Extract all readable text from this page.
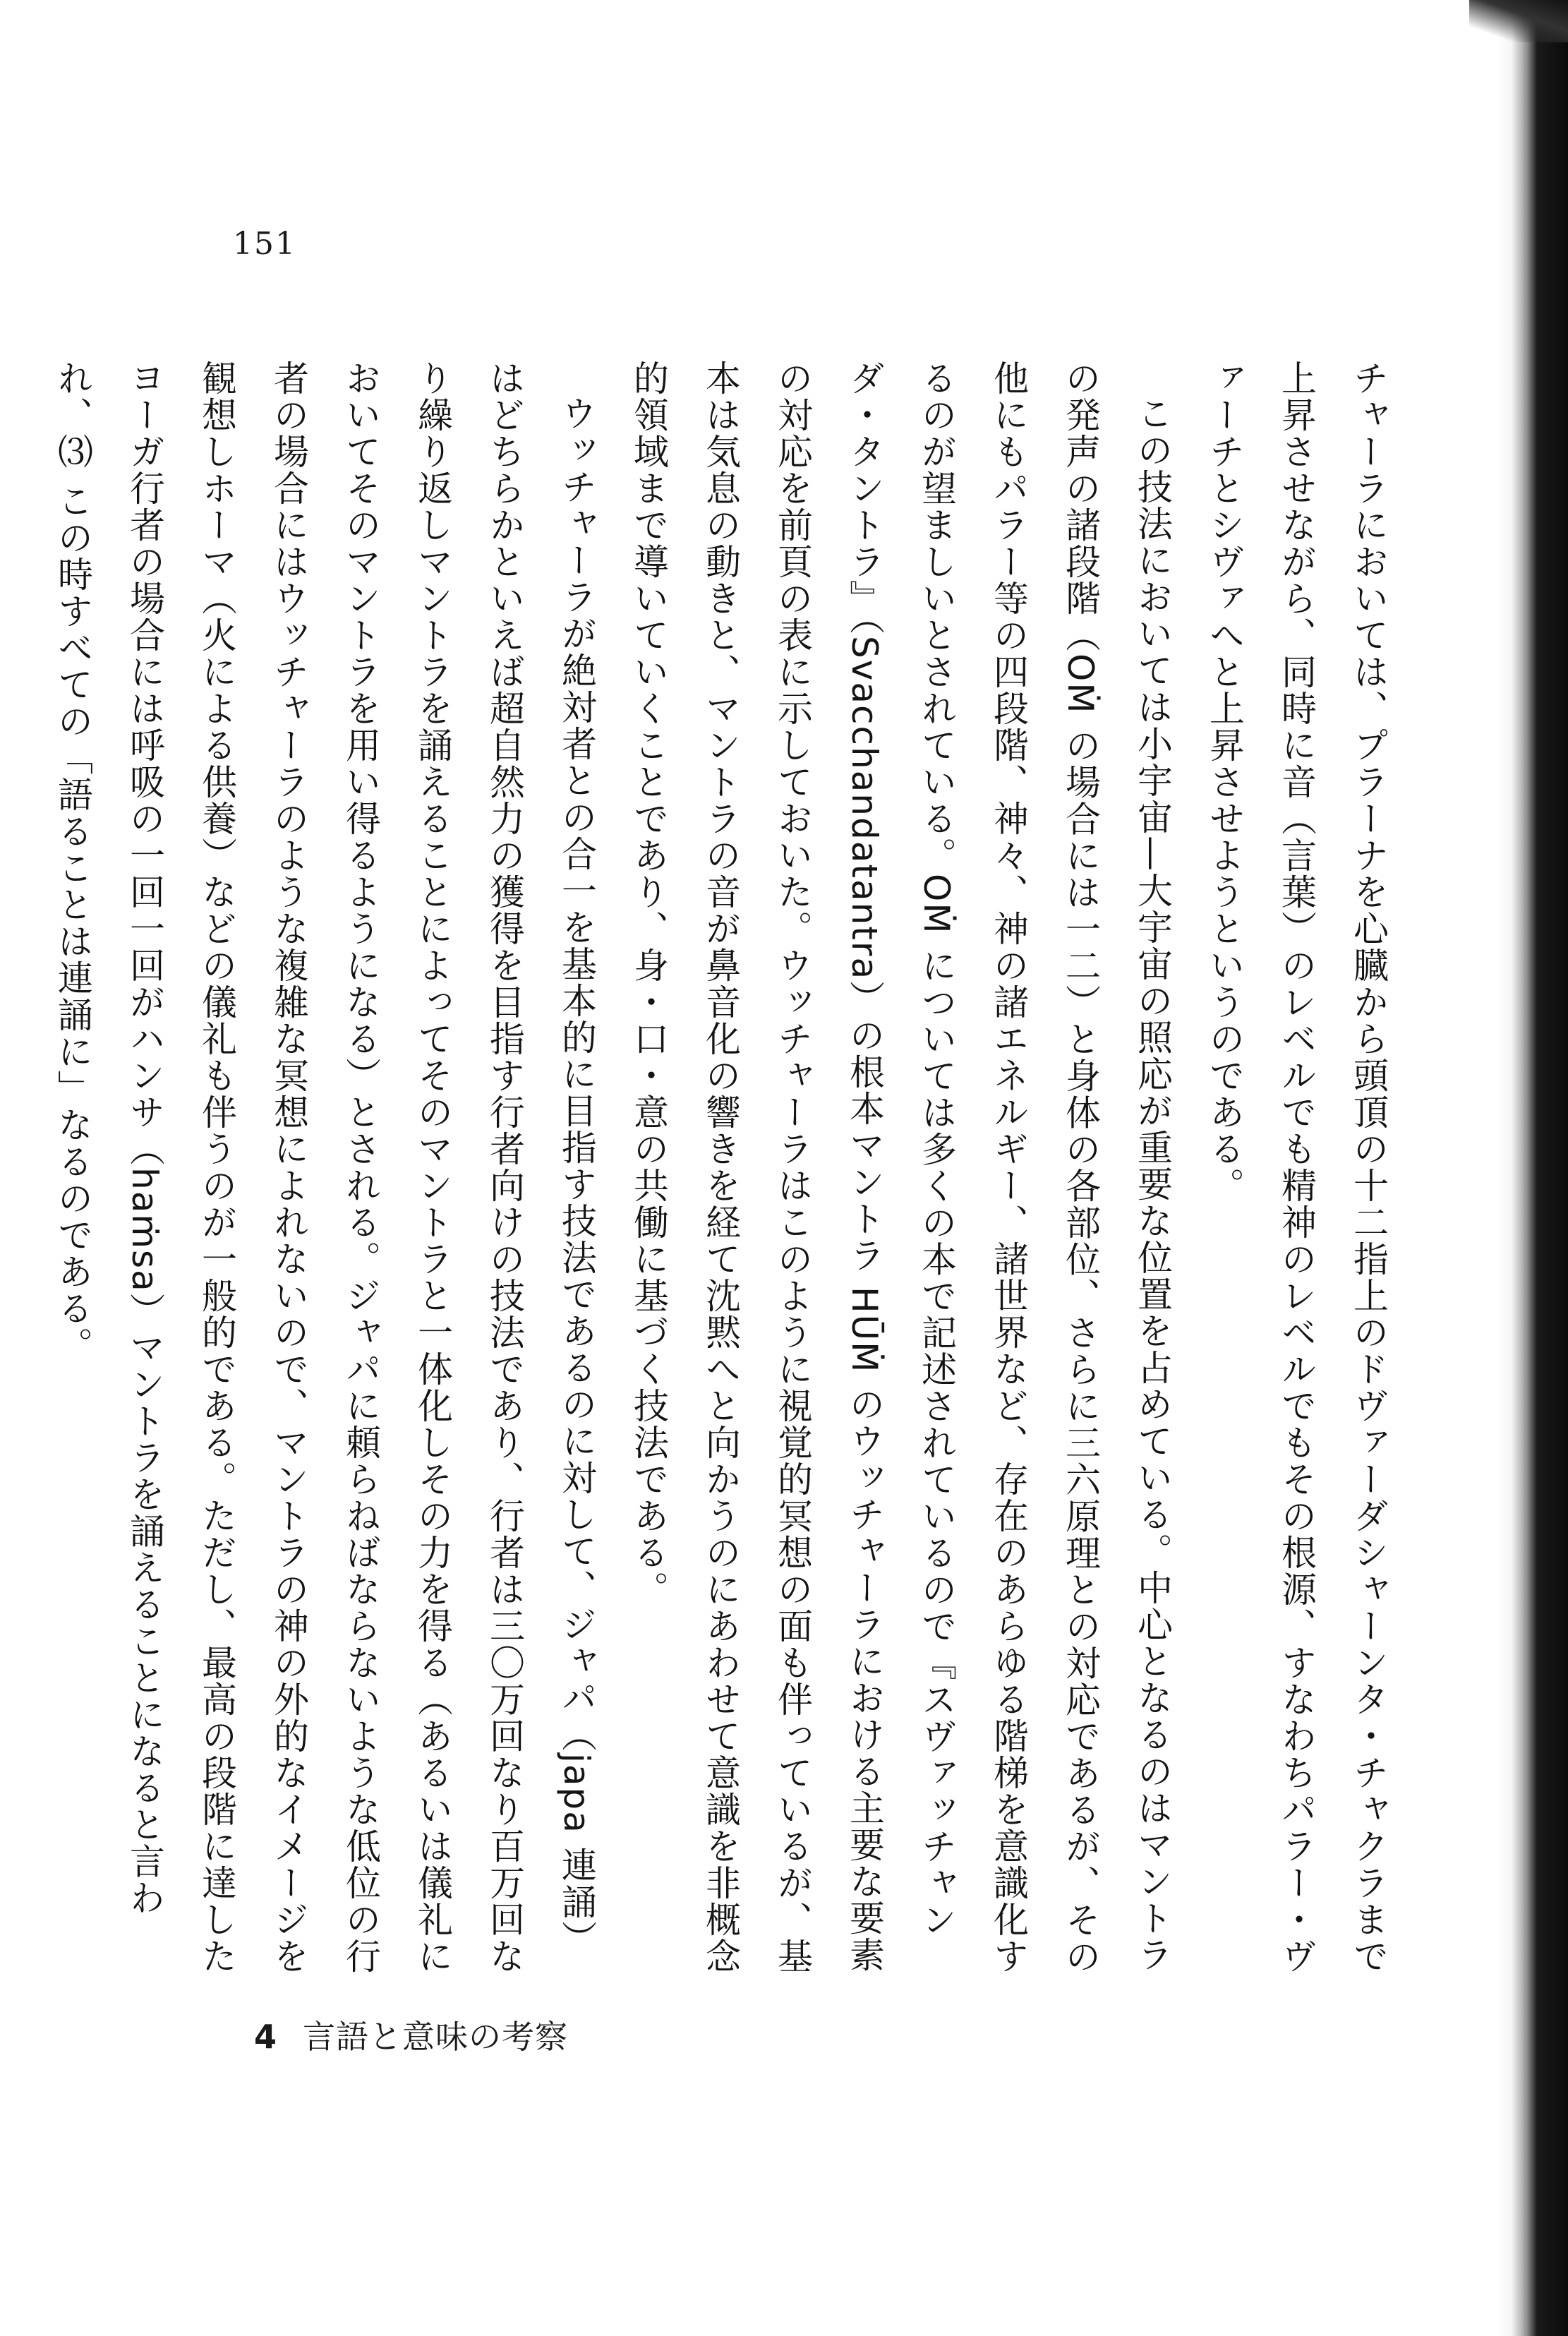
151

チャーラにおいては、プラーナを心臓から頭頂の十二指上のドヴァーダシャーンタ・チャクラまで上昇させながら、同時に音（言葉）のレベルでも精神のレベルでもその根源、すなわちパラー・ヴァーチとシヴァへと上昇させようというのである。

この技法においては小宇宙—大宇宙の照応が重要な位置を占めている。中心となるのはマントラの発声の諸段階（OṀ の場合には一二）と身体の各部位、さらに三六原理との対応であるが、その他にもパラー等の四段階、神々、神の諸エネルギー、諸世界など、存在のあらゆる階梯を意識化するのが望ましいとされている。OṀ については多くの本で記述されているので『スヴァッチャンダ・タントラ』（Svacchandatantra）の根本マントラ HŪṀ のウッチャーラにおける主要な要素の対応を前頁の表に示しておいた。ウッチャーラはこのように視覚的冥想の面も伴っているが、基本は気息の動きと、マントラの音が鼻音化の響きを経て沈黙へと向かうのにあわせて意識を非概念的領域まで導いていくことであり、身・口・意の共働に基づく技法である。

ウッチャーラが絶対者との合一を基本的に目指す技法であるのに対して、ジャパ（japa 連誦）はどちらかといえば超自然力の獲得を目指す行者向けの技法であり、行者は三〇万回なり百万回なり繰り返しマントラを誦えることによってそのマントラと一体化しその力を得る（あるいは儀礼においてそのマントラを用い得るようになる）とされる。ジャパに頼らねばならないような低位の行者の場合にはウッチャーラのような複雑な冥想によれないので、マントラの神の外的なイメージを観想しホーマ（火による供養）などの儀礼も伴うのが一般的である。ただし、最高の段階に達したヨーガ行者の場合には呼吸の一回一回がハンサ（haṁsa）マントラを誦えることになると言われ、⑶ この時すべての「語ることは連誦に」なるのである。

4 言語と意味の考察
